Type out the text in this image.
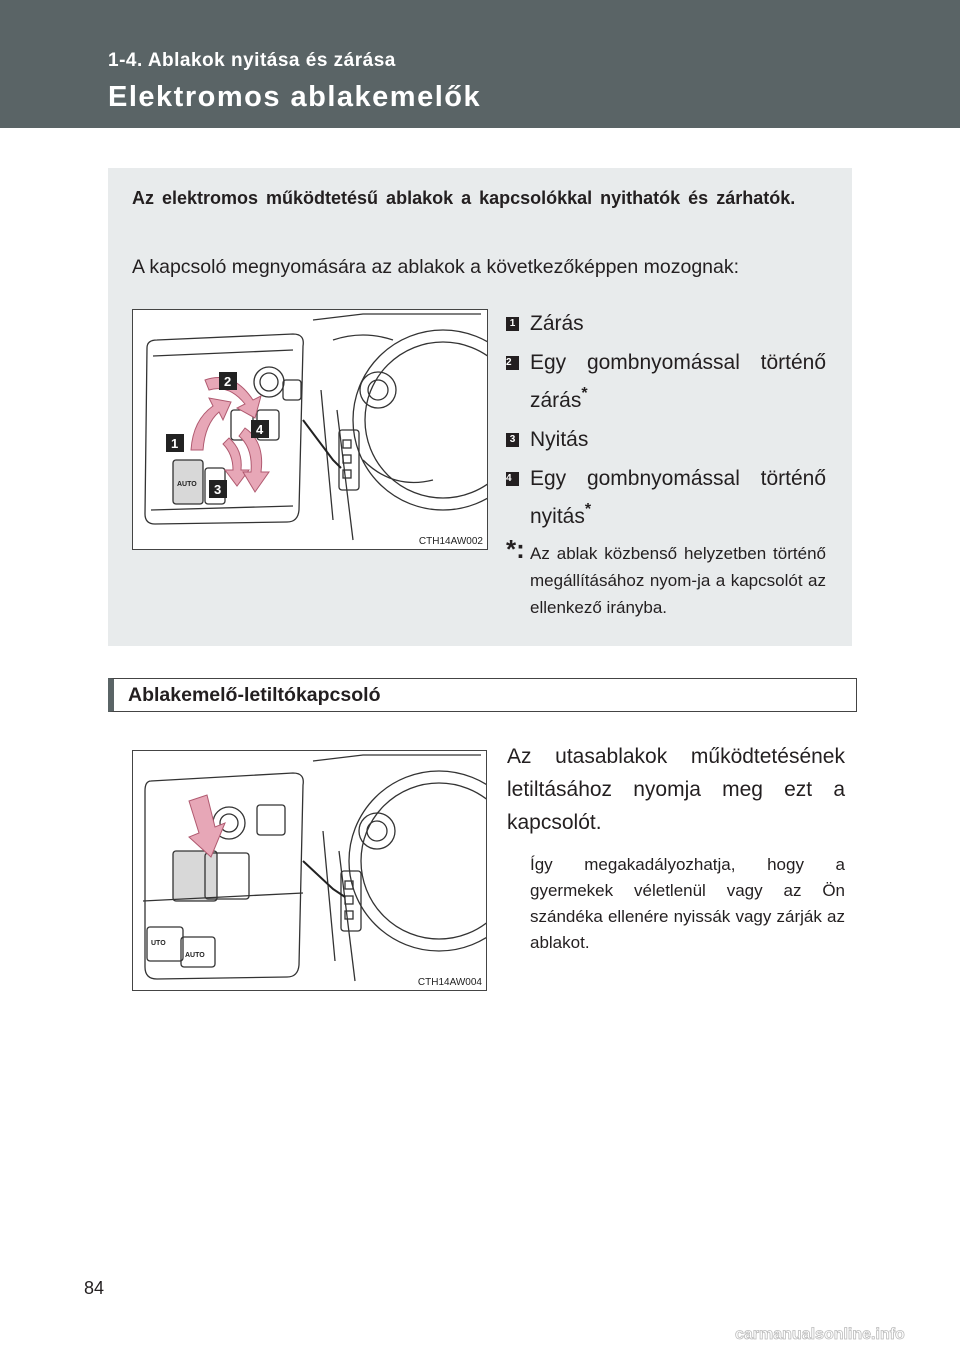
1-4. Ablakok nyitása és zárása
Elektromos ablakemelők
Az elektromos működtetésű ablakok a kapcsolókkal nyithatók és zárhatók.
A kapcsoló megnyomására az ablakok a következőképpen mozognak:
AUTO
1
2
3
4
CTH14AW002
1 Zárás
2 Egy gombnyomással történő zárás*
3 Nyitás
4 Egy gombnyomással történő nyitás*
*: Az ablak közbenső helyzetben történő megállításához nyom-ja a kapcsolót az ellenkező irányba.
Ablakemelő-letiltókapcsoló
UTO
AUTO
CTH14AW004
Az utasablakok működtetésének letiltásához nyomja meg ezt a kapcsolót.
Így megakadályozhatja, hogy a gyermekek véletlenül vagy az Ön szándéka ellenére nyissák vagy zárják az ablakot.
84
carmanualsonline.info
